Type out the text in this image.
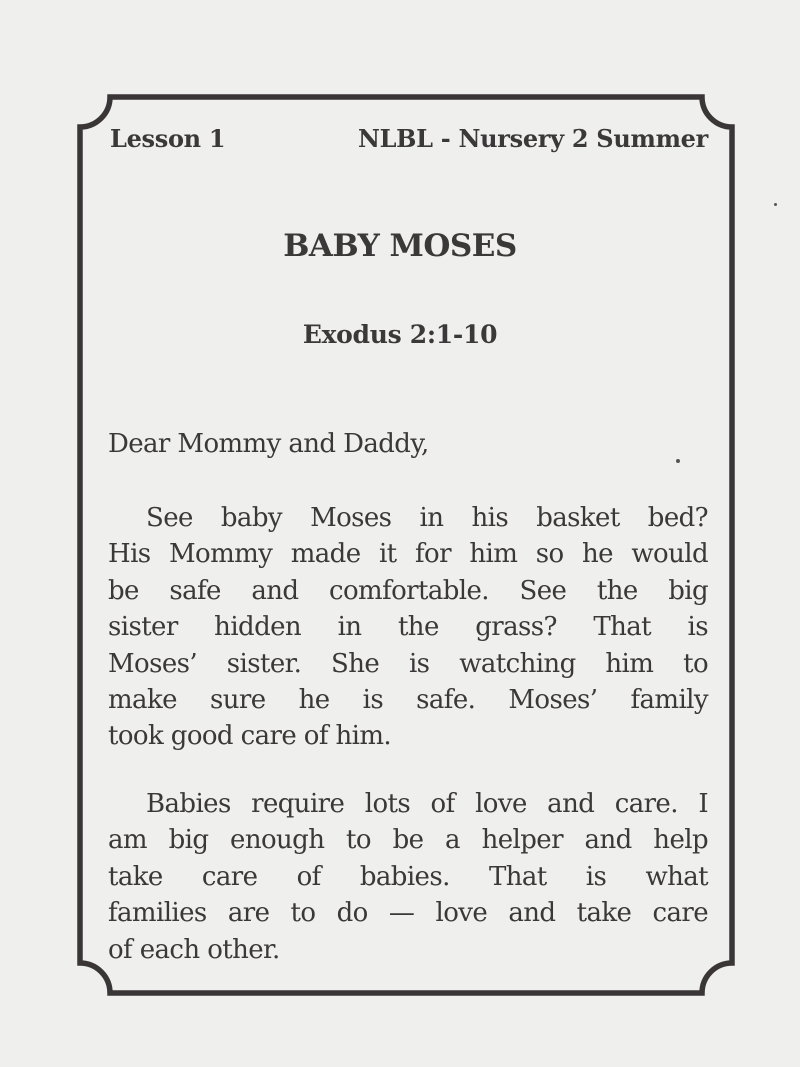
Lesson 1	NLBL - Nursery 2 Summer
BABY MOSES
Exodus 2:1-10
Dear Mommy and Daddy,
See baby Moses in his basket bed?
His Mommy made it for him so he would
be safe and comfortable. See the big
sister hidden in the grass? That is
Moses’ sister. She is watching him to
make sure he is safe. Moses’ family
took good care of him.
Babies require lots of love and care. I
am big enough to be a helper and help
take care of babies. That is what
families are to do — love and take care
of each other.
